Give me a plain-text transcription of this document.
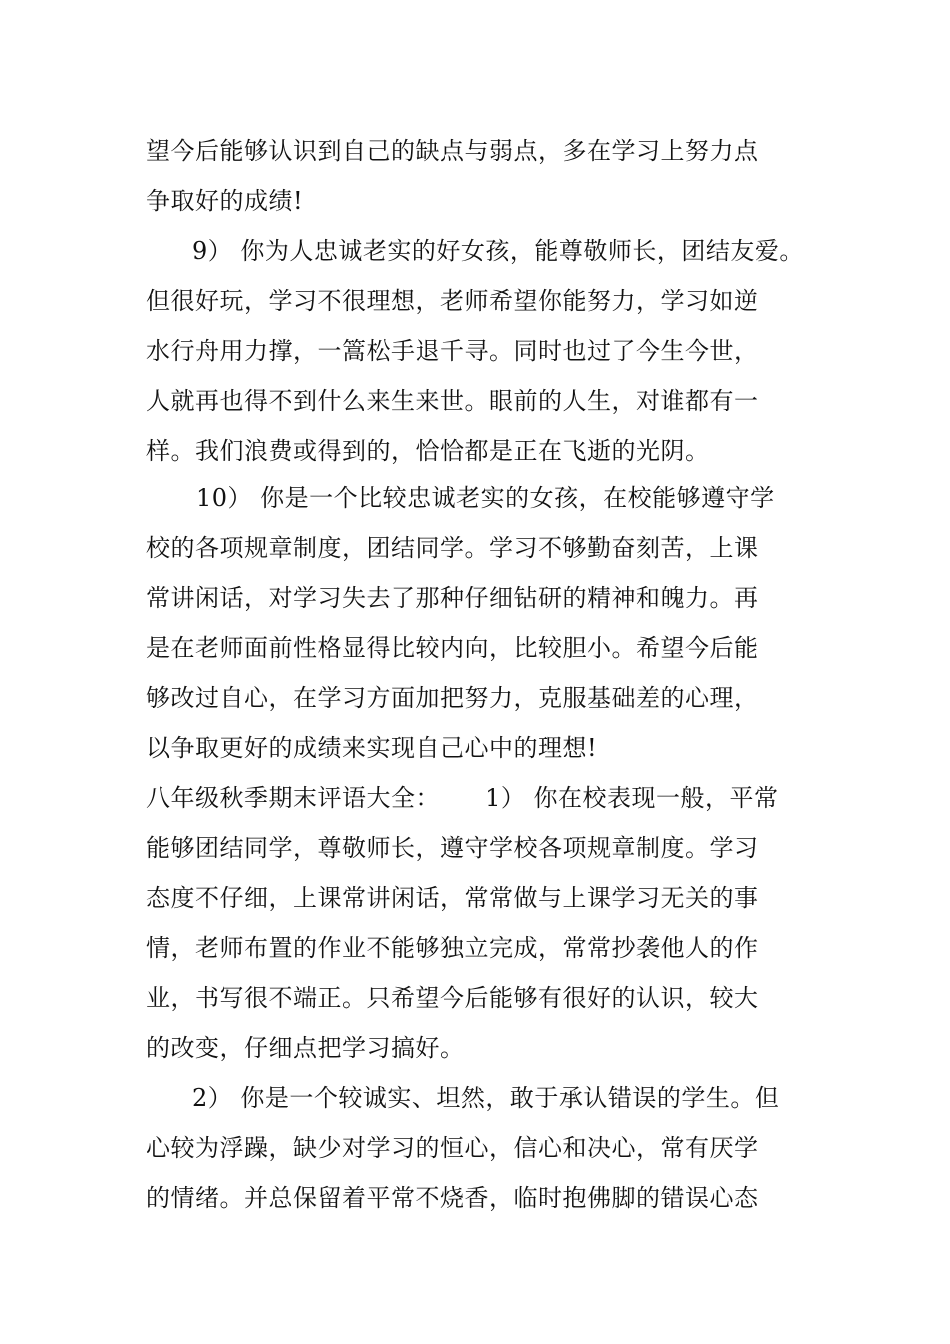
望今后能够认识到自己的缺点与弱点，多在学习上努力点
争取好的成绩!
9） 你为人忠诚老实的好女孩，能尊敬师长，团结友爱。
但很好玩，学习不很理想，老师希望你能努力，学习如逆
水行舟用力撑，一篙松手退千寻。同时也过了今生今世，
人就再也得不到什么来生来世。眼前的人生，对谁都有一
样。我们浪费或得到的，恰恰都是正在飞逝的光阴。
10） 你是一个比较忠诚老实的女孩，在校能够遵守学
校的各项规章制度，团结同学。学习不够勤奋刻苦，上课
常讲闲话，对学习失去了那种仔细钻研的精神和魄力。再
是在老师面前性格显得比较内向，比较胆小。希望今后能
够改过自心，在学习方面加把努力，克服基础差的心理，
以争取更好的成绩来实现自己心中的理想!
八年级秋季期末评语大全：　　 1） 你在校表现一般，平常
能够团结同学，尊敬师长，遵守学校各项规章制度。学习
态度不仔细，上课常讲闲话，常常做与上课学习无关的事
情，老师布置的作业不能够独立完成，常常抄袭他人的作
业，书写很不端正。只希望今后能够有很好的认识，较大
的改变，仔细点把学习搞好。
2） 你是一个较诚实、坦然，敢于承认错误的学生。但
心较为浮躁，缺少对学习的恒心，信心和决心，常有厌学
的情绪。并总保留着平常不烧香，临时抱佛脚的错误心态
